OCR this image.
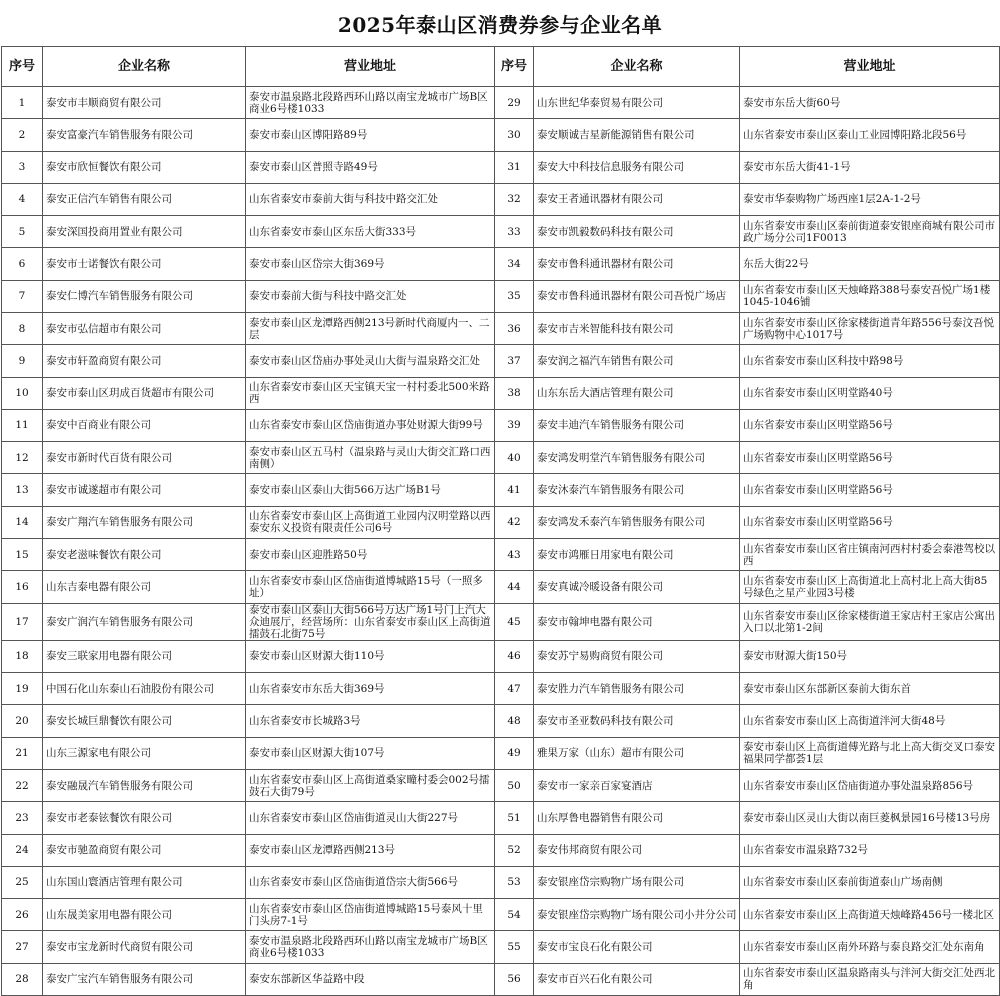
2025年泰山区消费券参与企业名单
序号	企业名称	营业地址	序号	企业名称	营业地址
1	泰安市丰顺商贸有限公司	泰安市温泉路北段路西环山路以南宝龙城市广场B区商业6号楼1033	29	山东世纪华泰贸易有限公司	泰安市东岳大街60号
2	泰安富豪汽车销售服务有限公司	泰安市泰山区博阳路89号	30	泰安顺诚吉星新能源销售有限公司	山东省泰安市泰山区泰山工业园博阳路北段56号
3	泰安市欣恒餐饮有限公司	泰安市泰山区普照寺路49号	31	泰安大中科技信息服务有限公司	泰安市东岳大街41-1号
4	泰安正信汽车销售有限公司	山东省泰安市泰前大街与科技中路交汇处	32	泰安王者通讯器材有限公司	泰安市华泰购物广场西座1层2A-1-2号
5	泰安深国投商用置业有限公司	山东省泰安市泰山区东岳大街333号	33	泰安市凯毅数码科技有限公司	山东省泰安市泰山区泰前街道泰安银座商城有限公司市政广场分公司1F0013
6	泰安市士诺餐饮有限公司	泰安市泰山区岱宗大街369号	34	泰安市鲁科通讯器材有限公司	东岳大街22号
7	泰安仁博汽车销售服务有限公司	泰安市泰前大街与科技中路交汇处	35	泰安市鲁科通讯器材有限公司吾悦广场店	山东省泰安市泰山区天烛峰路388号泰安吾悦广场1楼1045-1046铺
8	泰安市弘信超市有限公司	泰安市泰山区龙潭路西侧213号新时代商厦内一、二层	36	泰安市吉米智能科技有限公司	山东省泰安市泰山区徐家楼街道青年路556号泰汶吾悦广场购物中心1017号
9	泰安市轩盈商贸有限公司	泰安市泰山区岱庙办事处灵山大街与温泉路交汇处	37	泰安润之福汽车销售有限公司	山东省泰安市泰山区科技中路98号
10	泰安市泰山区玥成百货超市有限公司	山东省泰安市泰山区天宝镇天宝一村村委北500米路西	38	山东东岳大酒店管理有限公司	山东省泰安市泰山区明堂路40号
11	泰安中百商业有限公司	山东省泰安市泰山区岱庙街道办事处财源大街99号	39	泰安丰迪汽车销售服务有限公司	山东省泰安市泰山区明堂路56号
12	泰安市新时代百货有限公司	泰安市泰山区五马村（温泉路与灵山大街交汇路口西南侧）	40	泰安鸿发明堂汽车销售服务有限公司	山东省泰安市泰山区明堂路56号
13	泰安市诚遂超市有限公司	泰安市泰山区泰山大街566万达广场B1号	41	泰安沐泰汽车销售服务有限公司	山东省泰安市泰山区明堂路56号
14	泰安广翔汽车销售服务有限公司	山东省泰安市泰山区上高街道工业园内汉明堂路以西泰安东义投资有限责任公司6号	42	泰安鸿发禾泰汽车销售服务有限公司	山东省泰安市泰山区明堂路56号
15	泰安老滋味餐饮有限公司	泰安市泰山区迎胜路50号	43	泰安市鸿雁日用家电有限公司	山东省泰安市泰山区省庄镇南河西村村委会泰港驾校以西
16	山东吉泰电器有限公司	山东省泰安市泰山区岱庙街道博城路15号（一照多址）	44	泰安真诚冷暖设备有限公司	山东省泰安市泰山区上高街道北上高村北上高大街85号绿色之星产业园3号楼
17	泰安广润汽车销售服务有限公司	泰安市泰山区泰山大街566号万达广场1号门上汽大众迪展厅，经营场所：山东省泰安市泰山区上高街道擂鼓石北街75号	45	泰安市翰坤电器有限公司	山东省泰安市泰山区徐家楼街道王家店村王家店公寓出入口以北第1-2间
18	泰安三联家用电器有限公司	泰安市泰山区财源大街110号	46	泰安苏宁易购商贸有限公司	泰安市财源大街150号
19	中国石化山东泰山石油股份有限公司	山东省泰安市东岳大街369号	47	泰安胜力汽车销售服务有限公司	泰安市泰山区东部新区泰前大街东首
20	泰安长城巨鼎餐饮有限公司	山东省泰安市长城路3号	48	泰安市圣亚数码科技有限公司	山东省泰安市泰山区上高街道泮河大街48号
21	山东三源家电有限公司	泰安市泰山区财源大街107号	49	雅果万家（山东）超市有限公司	泰安市泰山区上高街道傅光路与北上高大街交叉口泰安福果同学都荟1层
22	泰安融晟汽车销售服务有限公司	山东省泰安市泰山区上高街道桑家疃村委会002号擂鼓石大街79号	50	泰安市一家亲百家宴酒店	山东省泰安市泰山区岱庙街道办事处温泉路856号
23	泰安市老泰铉餐饮有限公司	山东省泰安市泰山区岱庙街道灵山大街227号	51	山东厚鲁电器销售有限公司	泰安市泰山区灵山大街以南巨菱枫景园16号楼13号房
24	泰安市驰盈商贸有限公司	泰安市泰山区龙潭路西侧213号	52	泰安伟邦商贸有限公司	山东省泰安市温泉路732号
25	山东国山寰酒店管理有限公司	山东省泰安市泰山区岱庙街道岱宗大街566号	53	泰安银座岱宗购物广场有限公司	山东省泰安市泰山区泰前街道泰山广场南侧
26	山东晟美家用电器有限公司	山东省泰安市泰山区岱庙街道博城路15号泰风十里门头房7-1号	54	泰安银座岱宗购物广场有限公司小井分公司	山东省泰安市泰山区上高街道天烛峰路456号一楼北区
27	泰安市宝龙新时代商贸有限公司	泰安市温泉路北段路西环山路以南宝龙城市广场B区商业6号楼1033	55	泰安市宝良石化有限公司	山东省泰安市泰山区南外环路与泰良路交汇处东南角
28	泰安广宝汽车销售服务有限公司	泰安东部新区华益路中段	56	泰安市百兴石化有限公司	山东省泰安市泰山区温泉路南头与泮河大街交汇处西北角
